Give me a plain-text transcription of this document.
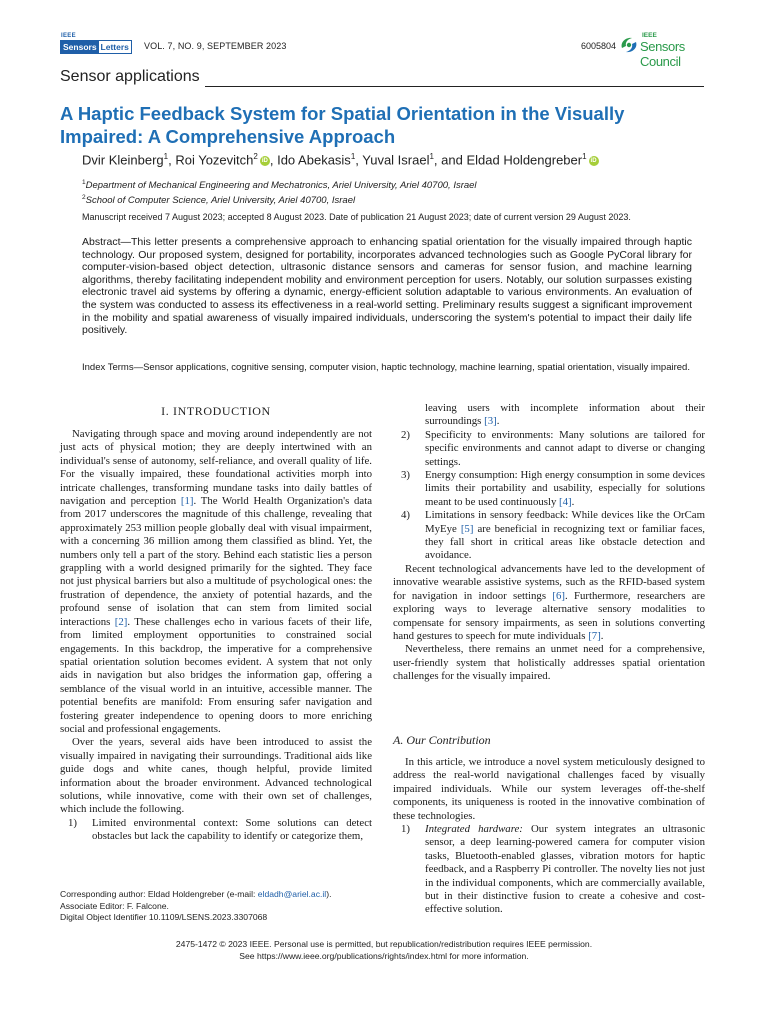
IEEE
Sensors Letters VOL. 7, NO. 9, SEPTEMBER 2023	6005804
IEEE
Sensors Council
Sensor applications
A Haptic Feedback System for Spatial Orientation in the Visually Impaired: A Comprehensive Approach
Dvir Kleinberg$^1$, Roi Yozevitch$^2$iD , Ido Abekasis$^1$, Yuval Israel$^1$, and Eldad Holdengreber$^1$iD
$^1$Department of Mechanical Engineering and Mechatronics, Ariel University, Ariel 40700, Israel
$^2$School of Computer Science, Ariel University, Ariel 40700, Israel
Manuscript received 7 August 2023; accepted 8 August 2023. Date of publication 21 August 2023; date of current version 29 August 2023.
Abstract—This letter presents a comprehensive approach to enhancing spatial orientation for the visually impaired through haptic technology. Our proposed system, designed for portability, incorporates advanced technologies such as Google PyCoral library for computer-vision-based object detection, ultrasonic distance sensors and cameras for sensor fusion, and machine learning algorithms, thereby facilitating independent mobility and environment perception for users. Notably, our solution surpasses existing electronic travel aid systems by offering a dynamic, energy-efficient solution adaptable to various environments. An evaluation of the system was conducted to assess its effectiveness in a real-world setting. Preliminary results suggest a significant improvement in the mobility and spatial awareness of visually impaired individuals, underscoring the system's potential to impact their daily life positively.
Index Terms—Sensor applications, cognitive sensing, computer vision, haptic technology, machine learning, spatial orientation, visually impaired.
I. INTRODUCTION

Navigating through space and moving around independently are not just acts of physical motion; they are deeply intertwined with an individual's sense of autonomy, self-reliance, and overall quality of life. For the visually impaired, these foundational activities morph into intricate challenges, transforming mundane tasks into daily battles of navigation and perception [1]. The World Health Organization's data from 2017 underscores the magnitude of this challenge, revealing that approximately 253 million people globally deal with visual impairment, with a concerning 36 million among them classified as blind. Yet, the numbers only tell a part of the story. Behind each statistic lies a person grappling with a world designed primarily for the sighted. They face not just physical barriers but also a multitude of psychological ones: the frustration of dependence, the anxiety of potential hazards, and the profound sense of isolation that can stem from limited social interactions [2]. These challenges echo in various facets of their life, from limited employment opportunities to constrained social engagements. In this backdrop, the imperative for a comprehensive spatial orientation solution becomes evident. A system that not only aids in navigation but also bridges the information gap, offering a semblance of the visual world in an intuitive, accessible manner. The potential benefits are manifold: From ensuring safer navigation and fostering greater independence to opening doors to more enriching social and professional engagements.

Over the years, several aids have been introduced to assist the visually impaired in navigating their surroundings. Traditional aids like guide dogs and white canes, though helpful, provide limited information about the broader environment. Advanced technological solutions, while innovative, come with their own set of challenges, which include the following.

1)	Limited environmental context: Some solutions can detect obstacles but lack the capability to identify or categorize them,
leaving users with incomplete information about their surroundings [3].
2)	Specificity to environments: Many solutions are tailored for specific environments and cannot adapt to diverse or changing settings.
3)	Energy consumption: High energy consumption in some devices limits their portability and usability, especially for solutions meant to be used continuously [4].
4)	Limitations in sensory feedback: While devices like the OrCam MyEye [5] are beneficial in recognizing text or familiar faces, they fall short in critical areas like obstacle detection and avoidance.

Recent technological advancements have led to the development of innovative wearable assistive systems, such as the RFID-based system for navigation in indoor settings [6]. Furthermore, researchers are exploring ways to leverage alternative sensory modalities to compensate for sensory impairments, as seen in solutions converting hand gestures to speech for mute individuals [7].

Nevertheless, there remains an unmet need for a comprehensive, user-friendly system that holistically addresses spatial orientation challenges for the visually impaired.

A. Our Contribution

In this article, we introduce a novel system meticulously designed to address the real-world navigational challenges faced by visually impaired individuals. While our system leverages off-the-shelf components, its uniqueness is rooted in the innovative combination of these technologies.

1)	Integrated hardware: Our system integrates an ultrasonic sensor, a deep learning-powered camera for computer vision tasks, Bluetooth-enabled glasses, vibration motors for haptic feedback, and a Raspberry Pi controller. The novelty lies not just in the individual components, which are commercially available, but in their distinctive fusion to create a cohesive and cost-effective solution.
Corresponding author: Eldad Holdengreber (e-mail: eldadh@ariel.ac.il).
Associate Editor: F. Falcone.
Digital Object Identifier 10.1109/LSENS.2023.3307068
2475-1472 © 2023 IEEE. Personal use is permitted, but republication/redistribution requires IEEE permission.
See https://www.ieee.org/publications/rights/index.html for more information.
